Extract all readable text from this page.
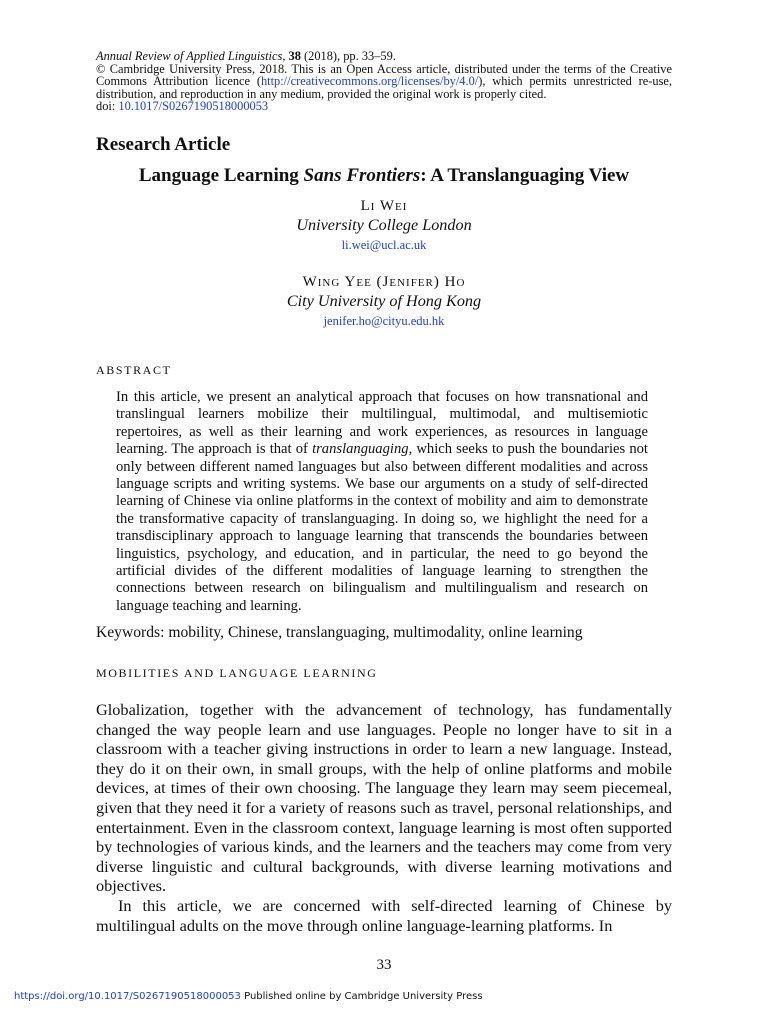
Annual Review of Applied Linguistics, 38 (2018), pp. 33–59.
© Cambridge University Press, 2018. This is an Open Access article, distributed under the terms of the Creative Commons Attribution licence (http://creativecommons.org/licenses/by/4.0/), which permits unrestricted re-use, distribution, and reproduction in any medium, provided the original work is properly cited.
doi: 10.1017/S0267190518000053
Research Article
Language Learning Sans Frontiers: A Translanguaging View
Li Wei
University College London
li.wei@ucl.ac.uk
Wing Yee (Jenifer) Ho
City University of Hong Kong
jenifer.ho@cityu.edu.hk
ABSTRACT
In this article, we present an analytical approach that focuses on how transnational and translingual learners mobilize their multilingual, multimodal, and multisemiotic repertoires, as well as their learning and work experiences, as resources in language learning. The approach is that of translanguaging, which seeks to push the boundaries not only between different named languages but also between different modalities and across language scripts and writing systems. We base our arguments on a study of self-directed learning of Chinese via online platforms in the context of mobility and aim to demonstrate the transformative capacity of translanguaging. In doing so, we highlight the need for a transdisciplinary approach to language learning that transcends the boundaries between linguistics, psychology, and education, and in particular, the need to go beyond the artificial divides of the different modalities of language learning to strengthen the connections between research on bilingualism and multilingualism and research on language teaching and learning.
Keywords: mobility, Chinese, translanguaging, multimodality, online learning
MOBILITIES AND LANGUAGE LEARNING

Globalization, together with the advancement of technology, has fundamentally changed the way people learn and use languages. People no longer have to sit in a classroom with a teacher giving instructions in order to learn a new language. Instead, they do it on their own, in small groups, with the help of online platforms and mobile devices, at times of their own choosing. The language they learn may seem piecemeal, given that they need it for a variety of reasons such as travel, personal relationships, and entertainment. Even in the classroom context, language learning is most often supported by technologies of various kinds, and the learners and the teachers may come from very diverse linguistic and cultural backgrounds, with diverse learning motivations and objectives.

In this article, we are concerned with self-directed learning of Chinese by multilingual adults on the move through online language-learning platforms. In

33
https://doi.org/10.1017/S0267190518000053 Published online by Cambridge University Press
